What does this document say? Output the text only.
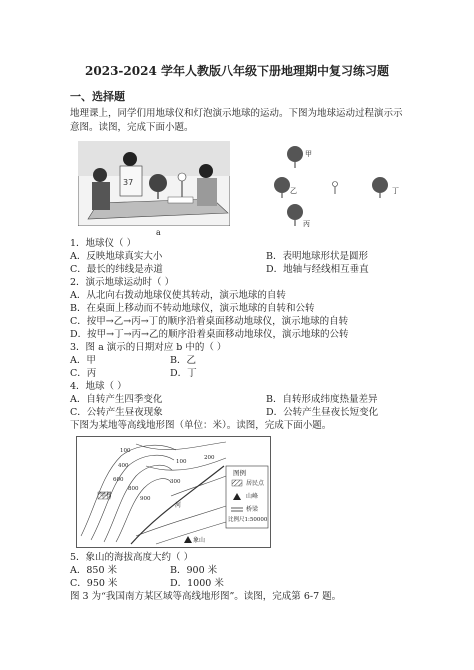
2023-2024 学年人教版八年级下册地理期中复习练习题
一、选择题
地理课上，同学们用地球仪和灯泡演示地球的运动。下图为地球运动过程演示示
意图。读图，完成下面小题。
37
a
甲
乙
丙
丁
1．地球仪（ ）
A．反映地球真实大小	B．表明地球形状是圆形
C．最长的纬线是赤道	D．地轴与经线相互垂直
2．演示地球运动时（ ）
A．从北向右拨动地球仪使其转动，演示地球的自转
B．在桌面上移动而不转动地球仪，演示地球的自转和公转
C．按甲→乙→丙→丁的顺序沿着桌面移动地球仪，演示地球的自转
D．按甲→丁→丙→乙的顺序沿着桌面移动地球仪，演示地球的公转
3．图 a 演示的日期对应 b 中的（ ）
A．甲	B．乙
C．丙	D．丁
4．地球（ ）
A．自转产生四季变化	B．自转形成纬度热量差异
C．公转产生昼夜现象	D．公转产生昼夜长短变化
下图为某地等高线地形图（单位：米）。读图，完成下面小题。
图例
居民点
山峰
桥梁
比例尺1:50000
甲村
河
象山
100
400
600
800
900
300
100
200
5．象山的海拔高度大约（ ）
A．850 米	B．900 米
C．950 米	D．1000 米
图 3 为“我国南方某区域等高线地形图”。读图，完成第 6-7 题。
